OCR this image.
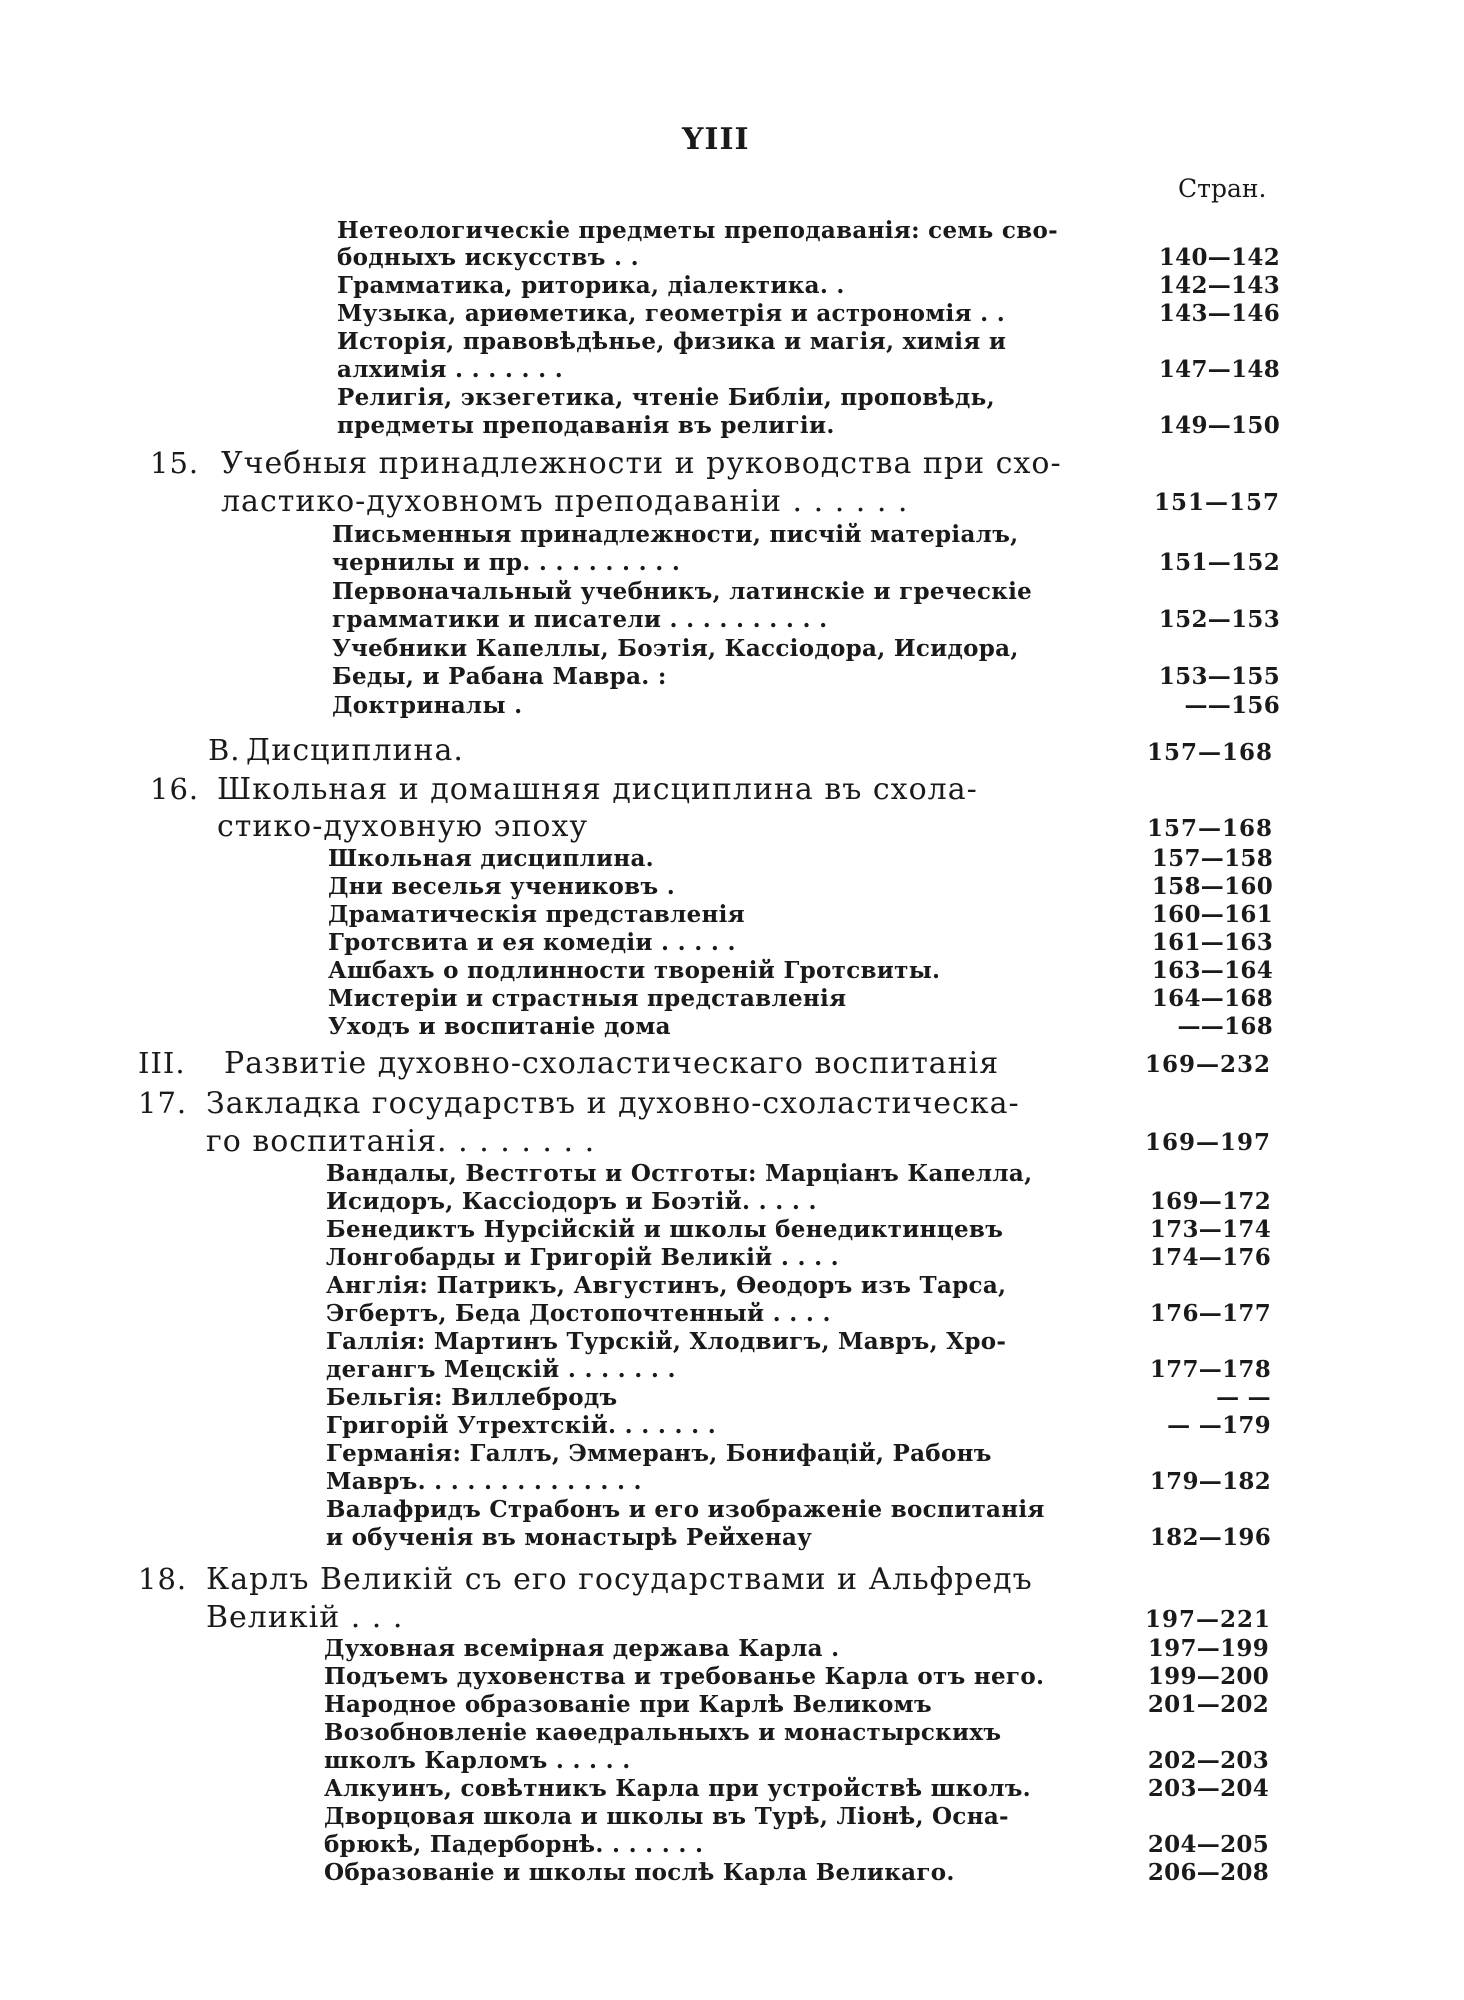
YIII
Стран.
Нетеологическіе предметы преподаванія: семь сво-
бодныхъ искусствъ . .	140—142
Грамматика, риторика, діалектика. .	142—143
Музыка, ариѳметика, геометрія и астрономія . .	143—146
Исторія, правовѣдѣнье, физика и магія, химія и
алхимія . . . . . . .	147—148
Религія, экзегетика, чтеніе Библіи, проповѣдь,
предметы преподаванія въ религіи.	149—150
15. Учебныя принадлежности и руководства при схо-
ластико-духовномъ преподаваніи . . . . . .	151—157
Письменныя принадлежности, писчій матеріалъ,
чернилы и пр. . . . . . . . . .	151—152
Первоначальный учебникъ, латинскіе и греческіе
грамматики и писатели . . . . . . . . . .	152—153
Учебники Капеллы, Боэтія, Кассіодора, Исидора,
Беды, и Рабана Мавра. :	153—155
Доктриналы .	——156
В. Дисциплина.	157—168
16. Школьная и домашняя дисциплина въ схола-
стико-духовную эпоху	157—168
Школьная дисциплина.	157—158
Дни веселья учениковъ .	158—160
Драматическія представленія	160—161
Гротсвита и ея комедіи . . . . .	161—163
Ашбахъ о подлинности твореній Гротсвиты.	163—164
Мистеріи и страстныя представленія	164—168
Уходъ и воспитаніе дома	——168
III. Развитіе духовно-схоластическаго воспитанія	169—232
17. Закладка государствъ и духовно-схоластическа-
го воспитанія. . . . . . . .	169—197
Вандалы, Вестготы и Остготы: Марціанъ Капелла,
Исидоръ, Кассіодоръ и Боэтій. . . . .	169—172
Бенедиктъ Нурсійскій и школы бенедиктинцевъ	173—174
Лонгобарды и Григорій Великій . . . .	174—176
Англія: Патрикъ, Августинъ, Ѳеодоръ изъ Тарса,
Эгбертъ, Беда Достопочтенный . . . .	176—177
Галлія: Мартинъ Турскій, Хлодвигъ, Мавръ, Хро-
дегангъ Мецскій . . . . . . .	177—178
Бельгія: Виллебродъ	— —
Григорій Утрехтскій. . . . . . .	— —179
Германія: Галлъ, Эммеранъ, Бонифацій, Рабонъ
Мавръ. . . . . . . . . . . . . .	179—182
Валафридъ Страбонъ и его изображеніе воспитанія
и обученія въ монастырѣ Рейхенау	182—196
18. Карлъ Великій съ его государствами и Альфредъ
Великій . . .	197—221
Духовная всемірная держава Карла .	197—199
Подъемъ духовенства и требованье Карла отъ него.	199—200
Народное образованіе при Карлѣ Великомъ	201—202
Возобновленіе каѳедральныхъ и монастырскихъ
школъ Карломъ . . . . .	202—203
Алкуинъ, совѣтникъ Карла при устройствѣ школъ.	203—204
Дворцовая школа и школы въ Турѣ, Ліонѣ, Осна-
брюкѣ, Падерборнѣ. . . . . . .	204—205
Образованіе и школы послѣ Карла Великаго.	206—208
